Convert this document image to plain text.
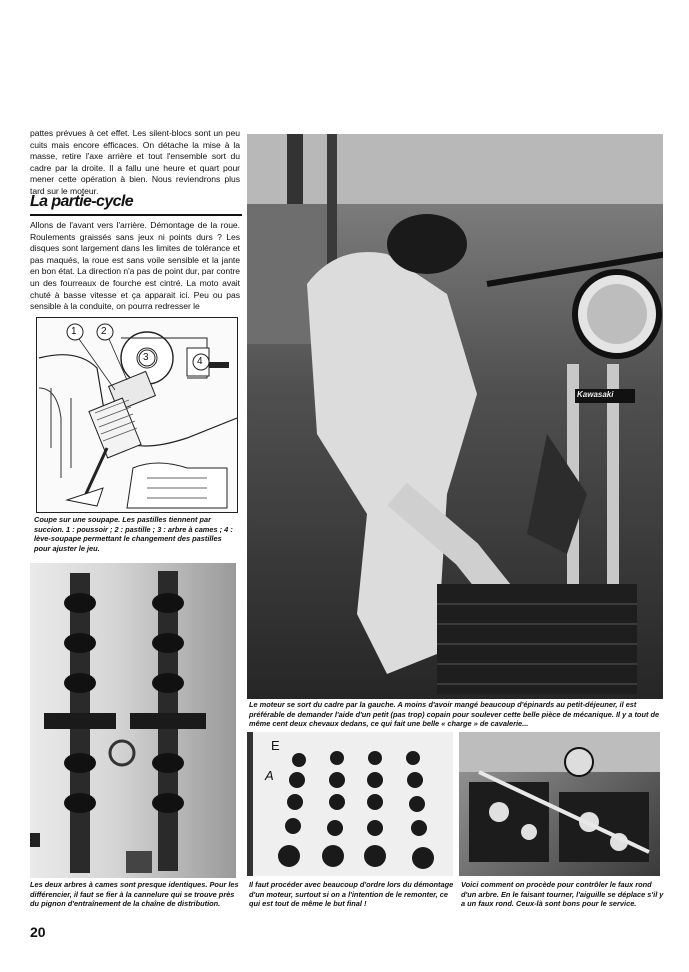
pattes prévues à cet effet. Les silent-blocs sont un peu cuits mais encore efficaces. On détache la mise à la masse, retire l'axe arrière et tout l'ensemble sort du cadre par la droite. Il a fallu une heure et quart pour mener cette opération à bien. Nous reviendrons plus tard sur le moteur.
La partie-cycle
Allons de l'avant vers l'arrière. Démontage de la roue. Roulements graissés sans jeux ni points durs ? Les disques sont largement dans les limites de tolérance et pas maqués, la roue est sans voile sensible et la jante en bon état. La direction n'a pas de point dur, par contre un des fourreaux de fourche est cintré. La moto avait chuté à basse vitesse et ça apparait ici. Peu ou pas sensible à la conduite, on pourra redresser le
1 2
3	4
Coupe sur une soupape. Les pastilles tiennent par succion. 1 : poussoir ; 2 : pastille ; 3 : arbre à cames ; 4 : lève-soupape permettant le changement des pastilles pour ajuster le jeu.
Les deux arbres à cames sont presque identiques. Pour les différencier, il faut se fier à la cannelure qui se trouve près du pignon d'entraînement de la chaîne de distribution.
Kawasaki
Le moteur se sort du cadre par la gauche. A moins d'avoir mangé beaucoup d'épinards au petit-déjeuner, il est préférable de demander l'aide d'un petit (pas trop) copain pour soulever cette belle pièce de mécanique. Il y a tout de même cent deux chevaux dedans, ce qui fait une belle « charge » de cavalerie...
E
A
Il faut procéder avec beaucoup d'ordre lors du démontage d'un moteur, surtout si on a l'intention de le remonter, ce qui est tout de même le but final !
Voici comment on procède pour contrôler le faux rond d'un arbre. En le faisant tourner, l'aiguille se déplace s'il y a un faux rond. Ceux-là sont bons pour le service.
20
